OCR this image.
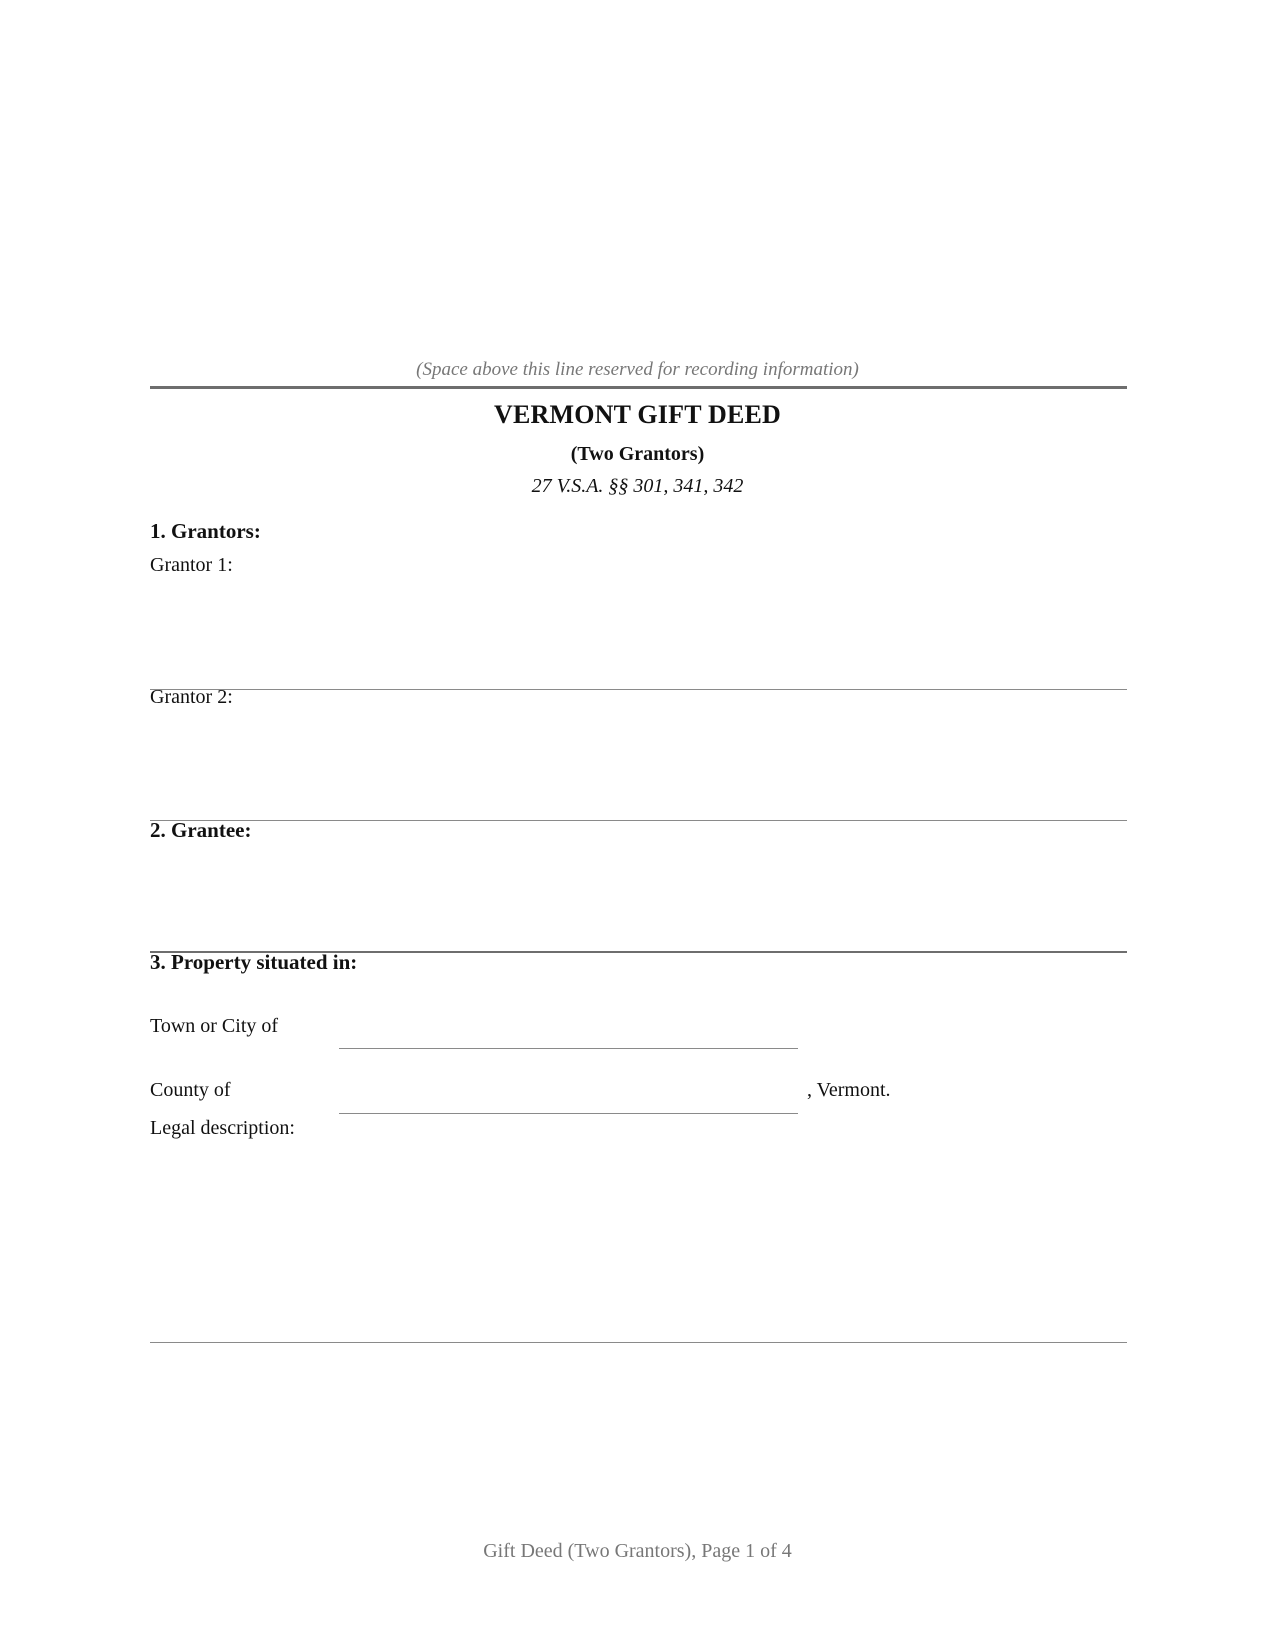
(Space above this line reserved for recording information)
VERMONT GIFT DEED
(Two Grantors)
27 V.S.A. §§ 301, 341, 342
1. Grantors:
Grantor 1:
Grantor 2:
2. Grantee:
3. Property situated in:
Town or City of
County of	, Vermont.
Legal description:
Gift Deed (Two Grantors), Page 1 of 4
